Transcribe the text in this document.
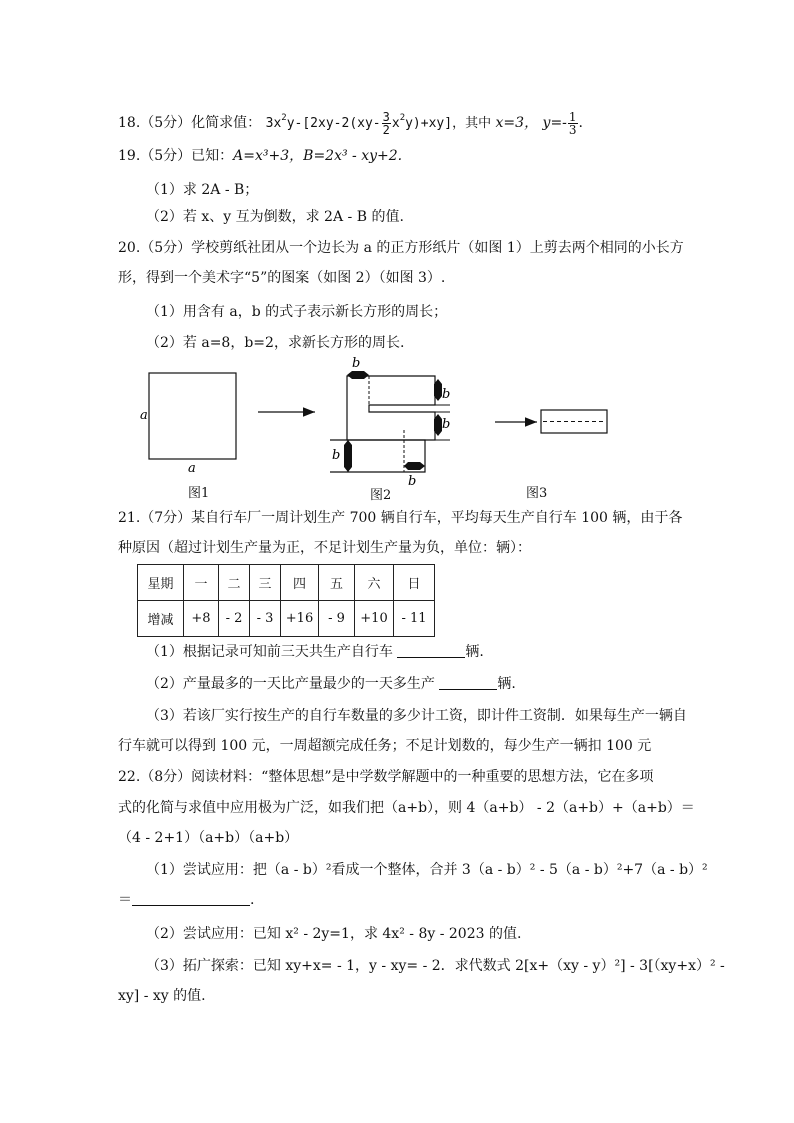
18.（5分）化简求值： $3x^2y-[2xy-2(xy- \frac{3}{2} x^2y)+xy]$，其中 x=3， $y=- \frac{1}{3}$ .
19.（5分）已知：A=x³+3，B=2x³ - xy+2.
（1）求 2A - B；
（2）若 x、y 互为倒数，求 2A - B 的值.
20.（5分）学校剪纸社团从一个边长为 a 的正方形纸片（如图 1）上剪去两个相同的小长方
形，得到一个美术字“5”的图案（如图 2）（如图 3）.
（1）用含有 a，b 的式子表示新长方形的周长；
（2）若 a=8，b=2，求新长方形的周长.
a
a
b
b
b
b
b
图1	图2	图3
21.（7分）某自行车厂一周计划生产 700 辆自行车，平均每天生产自行车 100 辆，由于各
种原因（超过计划生产量为正，不足计划生产量为负，单位：辆）：
星期	一	二	三	四	五	六	日
增减	+8	- 2	- 3	+16	- 9	+10	- 11
（1）根据记录可知前三天共生产自行车	辆.
（2）产量最多的一天比产量最少的一天多生产	辆.
（3）若该厂实行按生产的自行车数量的多少计工资，即计件工资制．如果每生产一辆自
行车就可以得到 100 元，一周超额完成任务；不足计划数的，每少生产一辆扣 100 元
22.（8分）阅读材料：“整体思想”是中学数学解题中的一种重要的思想方法，它在多项
式的化简与求值中应用极为广泛，如我们把（a+b），则 4（a+b） - 2（a+b）+（a+b）＝
（4 - 2+1）（a+b）（a+b）
（1）尝试应用：把（a - b）²看成一个整体，合并 3（a - b）² - 5（a - b）²+7（a - b）²
＝	.
（2）尝试应用：已知 x² - 2y=1，求 4x² - 8y - 2023 的值.
（3）拓广探索：已知 xy+x= - 1，y - xy= - 2．求代数式 2[x+（xy - y）²] - 3[（xy+x）² -
xy] - xy 的值.
